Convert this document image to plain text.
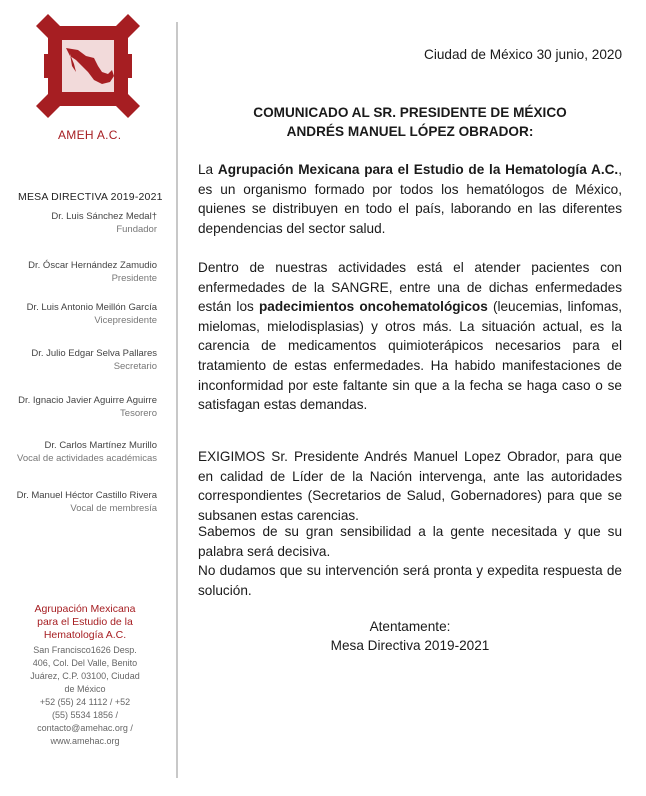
AMEH A.C.
MESA DIRECTIVA 2019-2021
Dr. Luis Sánchez Medal†
Fundador
Dr. Óscar Hernández Zamudio
Presidente
Dr. Luis Antonio Meillón García
Vicepresidente
Dr. Julio Edgar Selva Pallares
Secretario
Dr. Ignacio Javier Aguirre Aguirre
Tesorero
Dr. Carlos Martínez Murillo
Vocal de actividades académicas
Dr. Manuel Héctor Castillo Rivera
Vocal de membresía
Agrupación Mexicana
para el Estudio de la
Hematología A.C.
San Francisco1626 Desp.
406, Col. Del Valle, Benito
Juárez, C.P. 03100, Ciudad
de México
+52 (55) 24 1112 / +52
(55) 5534 1856 /
contacto@amehac.org /
www.amehac.org
Ciudad de México 30 junio, 2020
COMUNICADO AL SR. PRESIDENTE DE MÉXICO
ANDRÉS MANUEL LÓPEZ OBRADOR:
La Agrupación Mexicana para el Estudio de la Hematología A.C., es un organismo formado por todos los hematólogos de México, quienes se distribuyen en todo el país, laborando en las diferentes dependencias del sector salud.
Dentro de nuestras actividades está el atender pacientes con enfermedades de la SANGRE, entre una de dichas enfermedades están los padecimientos oncohematológicos (leucemias, linfomas, mielomas, mielodisplasias) y otros más. La situación actual, es la carencia de medicamentos quimioterápicos necesarios para el tratamiento de estas enfermedades. Ha habido manifestaciones de inconformidad por este faltante sin que a la fecha se haga caso o se satisfagan estas demandas.
EXIGIMOS Sr. Presidente Andrés Manuel Lopez Obrador, para que en calidad de Líder de la Nación intervenga, ante las autoridades correspondientes (Secretarios de Salud, Gobernadores) para que se subsanen estas carencias.
Sabemos de su gran sensibilidad a la gente necesitada y que su palabra será decisiva.
No dudamos que su intervención será pronta y expedita respuesta de solución.
Atentamente:
Mesa Directiva 2019-2021
